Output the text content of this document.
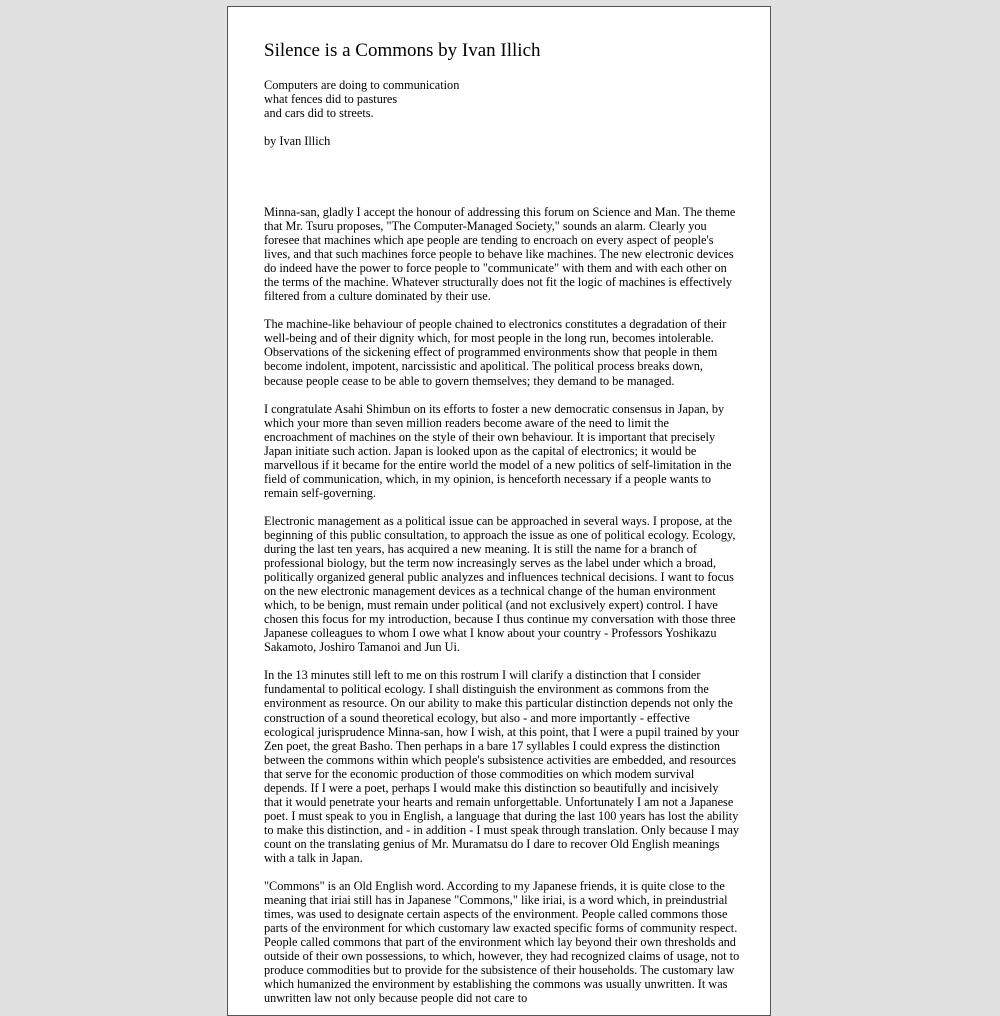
Silence is a Commons by Ivan Illich

Computers are doing to communication
what fences did to pastures
and cars did to streets.

by Ivan Illich

Minna-san, gladly I accept the honour of addressing this forum on Science and Man. The theme that Mr. Tsuru proposes, "The Computer-Managed Society," sounds an alarm. Clearly you foresee that machines which ape people are tending to encroach on every aspect of people's lives, and that such machines force people to behave like machines. The new electronic devices do indeed have the power to force people to "communicate" with them and with each other on the terms of the machine. Whatever structurally does not fit the logic of machines is effectively filtered from a culture dominated by their use.

The machine-like behaviour of people chained to electronics constitutes a degradation of their well-being and of their dignity which, for most people in the long run, becomes intolerable. Observations of the sickening effect of programmed environments show that people in them become indolent, impotent, narcissistic and apolitical. The political process breaks down, because people cease to be able to govern themselves; they demand to be managed.

I congratulate Asahi Shimbun on its efforts to foster a new democratic consensus in Japan, by which your more than seven million readers become aware of the need to limit the encroachment of machines on the style of their own behaviour. It is important that precisely Japan initiate such action. Japan is looked upon as the capital of electronics; it would be marvellous if it became for the entire world the model of a new politics of self-limitation in the field of communication, which, in my opinion, is henceforth necessary if a people wants to remain self-governing.

Electronic management as a political issue can be approached in several ways. I propose, at the beginning of this public consultation, to approach the issue as one of political ecology. Ecology, during the last ten years, has acquired a new meaning. It is still the name for a branch of professional biology, but the term now increasingly serves as the label under which a broad, politically organized general public analyzes and influences technical decisions. I want to focus on the new electronic management devices as a technical change of the human environment which, to be benign, must remain under political (and not exclusively expert) control. I have chosen this focus for my introduction, because I thus continue my conversation with those three Japanese colleagues to whom I owe what I know about your country - Professors Yoshikazu Sakamoto, Joshiro Tamanoi and Jun Ui.

In the 13 minutes still left to me on this rostrum I will clarify a distinction that I consider fundamental to political ecology. I shall distinguish the environment as commons from the environment as resource. On our ability to make this particular distinction depends not only the construction of a sound theoretical ecology, but also - and more importantly - effective ecological jurisprudence Minna-san, how I wish, at this point, that I were a pupil trained by your Zen poet, the great Basho. Then perhaps in a bare 17 syllables I could express the distinction between the commons within which people's subsistence activities are embedded, and resources that serve for the economic production of those commodities on which modem survival depends. If I were a poet, perhaps I would make this distinction so beautifully and incisively that it would penetrate your hearts and remain unforgettable. Unfortunately I am not a Japanese poet. I must speak to you in English, a language that during the last 100 years has lost the ability to make this distinction, and - in addition - I must speak through translation. Only because I may count on the translating genius of Mr. Muramatsu do I dare to recover Old English meanings with a talk in Japan.

"Commons" is an Old English word. According to my Japanese friends, it is quite close to the meaning that iriai still has in Japanese "Commons," like iriai, is a word which, in preindustrial times, was used to designate certain aspects of the environment. People called commons those parts of the environment for which customary law exacted specific forms of community respect. People called commons that part of the environment which lay beyond their own thresholds and outside of their own possessions, to which, however, they had recognized claims of usage, not to produce commodities but to provide for the subsistence of their households. The customary law which humanized the environment by establishing the commons was usually unwritten. It was unwritten law not only because people did not care to
